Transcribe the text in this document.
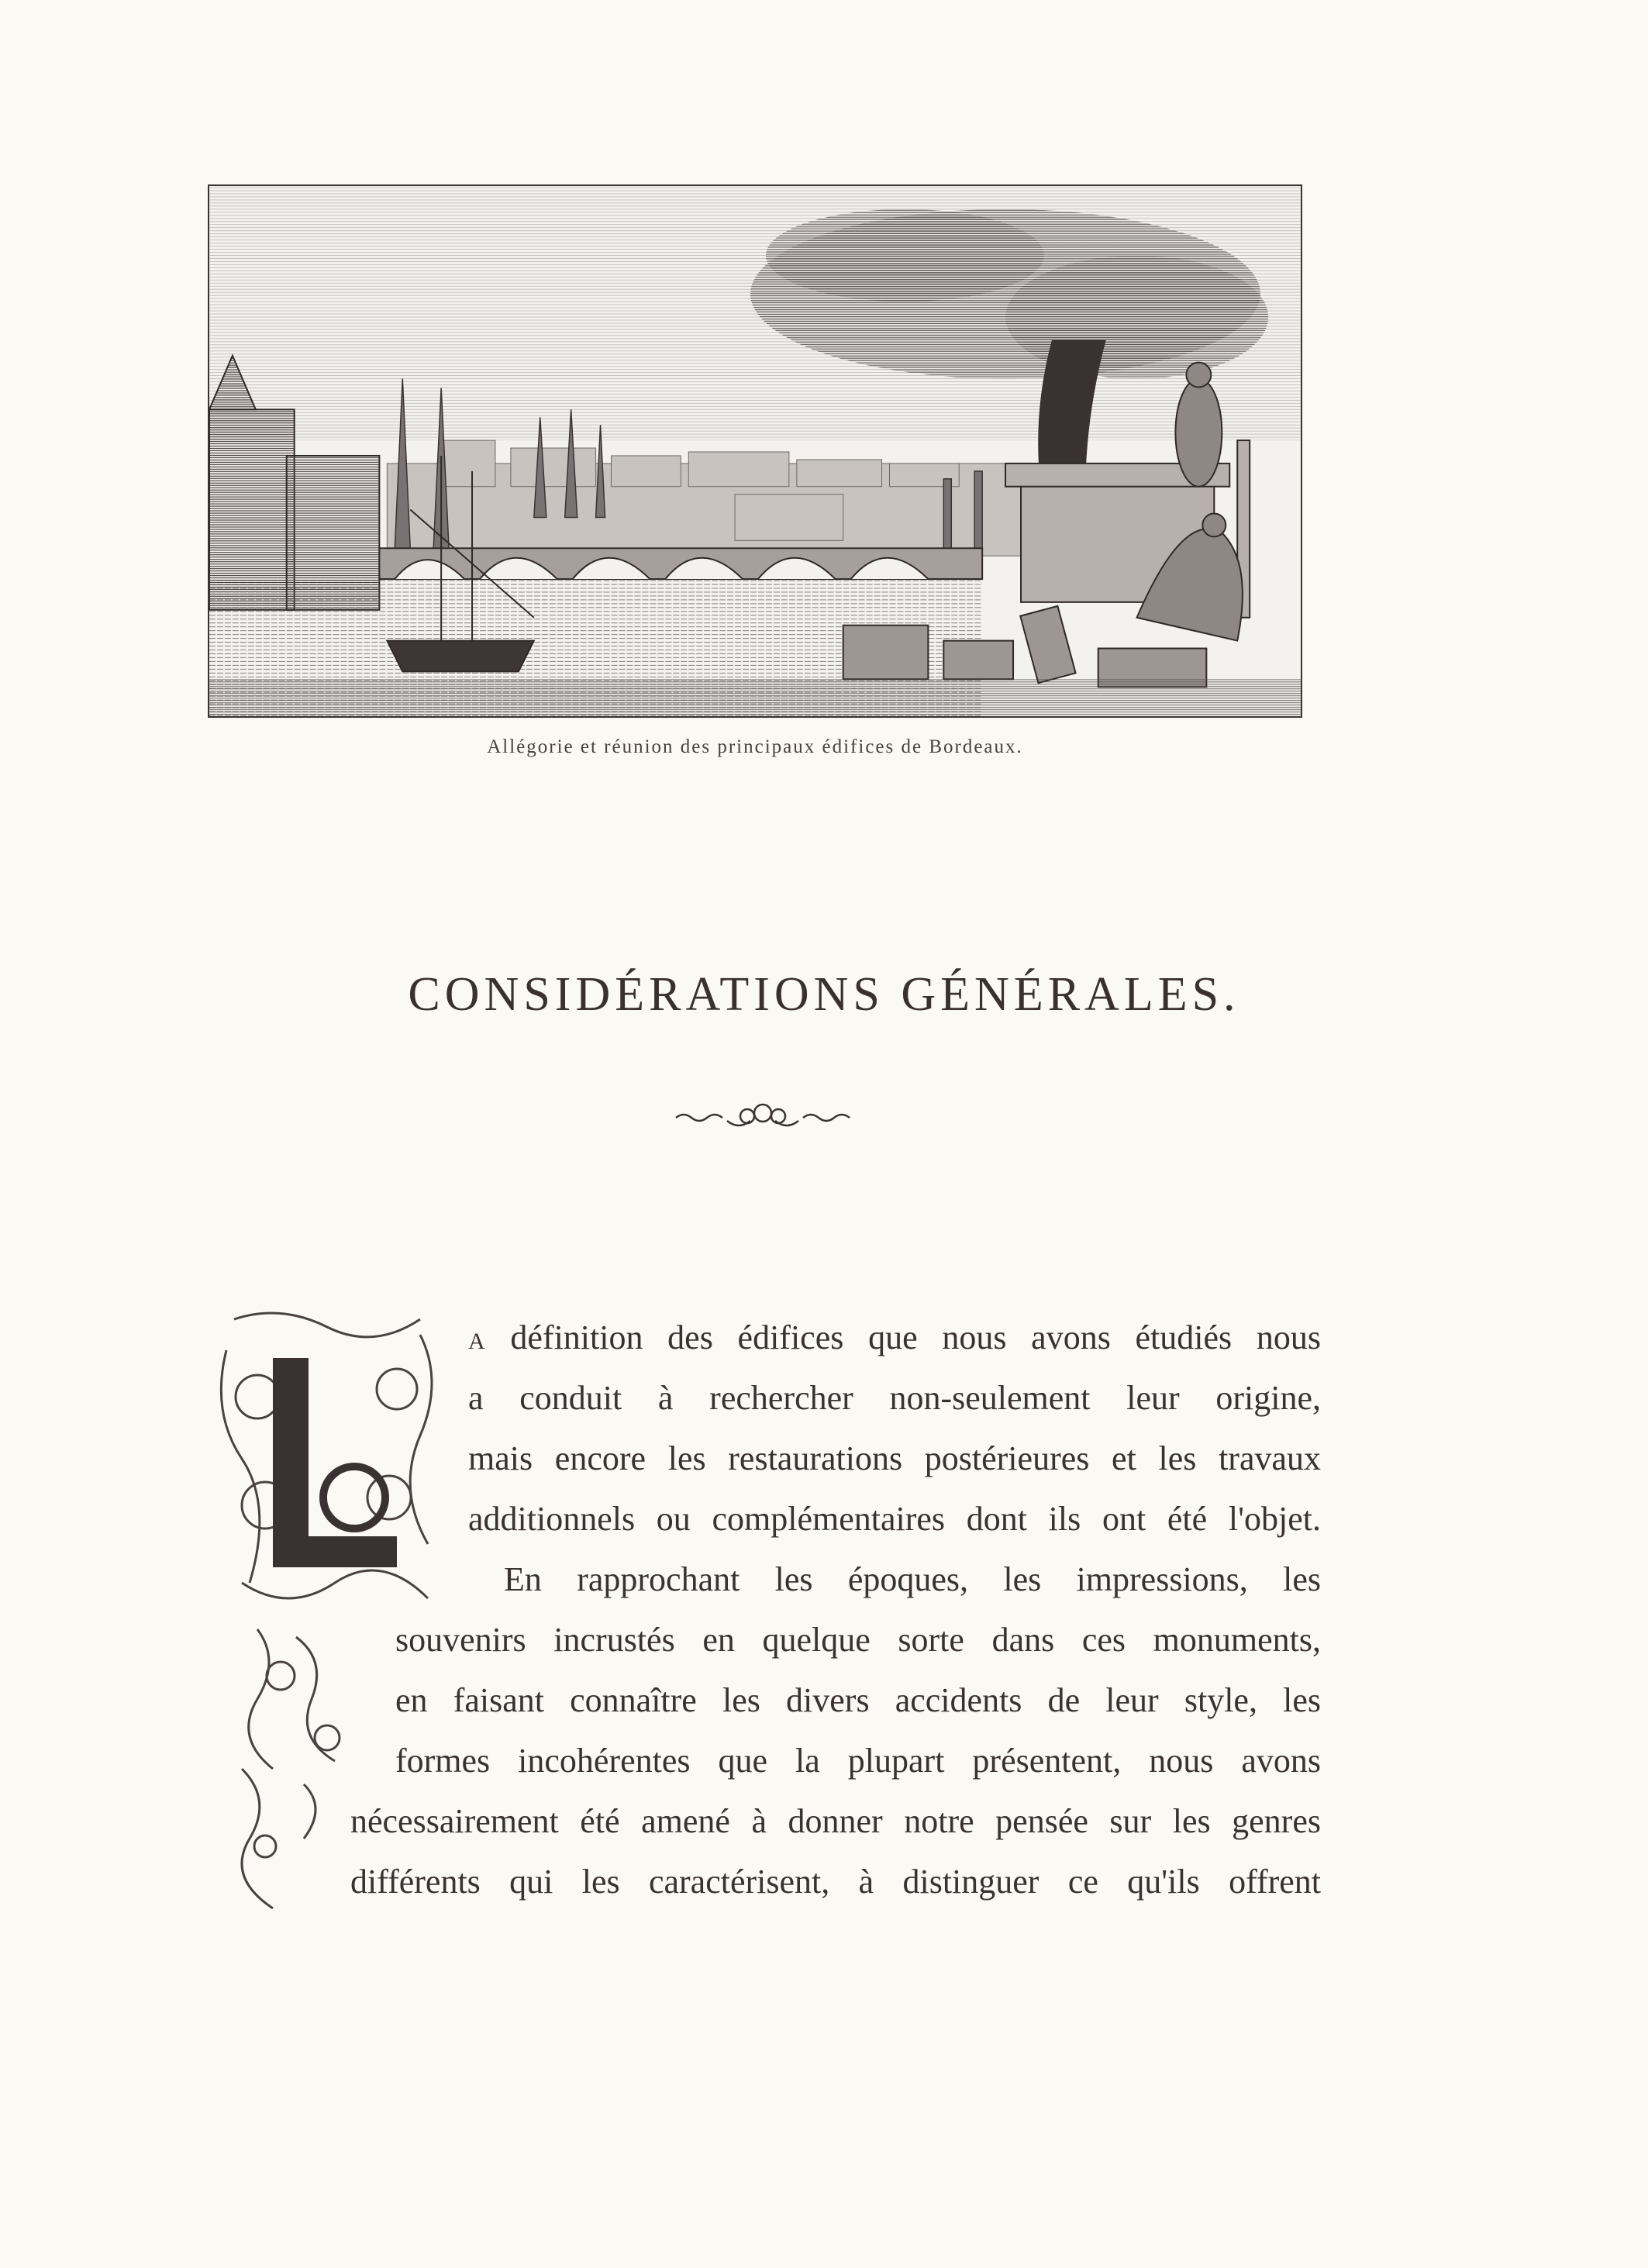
Allégorie et réunion des principaux édifices de Bordeaux.
CONSIDÉRATIONS GÉNÉRALES.
A définition des édifices que nous avons étudiés nous
a conduit à rechercher non-seulement leur origine,
mais encore les restaurations postérieures et les travaux
additionnels ou complémentaires dont ils ont été l'objet.
En rapprochant les époques, les impressions, les
souvenirs incrustés en quelque sorte dans ces monuments,
en faisant connaître les divers accidents de leur style, les
formes incohérentes que la plupart présentent, nous avons
nécessairement été amené à donner notre pensée sur les genres
différents qui les caractérisent, à distinguer ce qu'ils offrent
